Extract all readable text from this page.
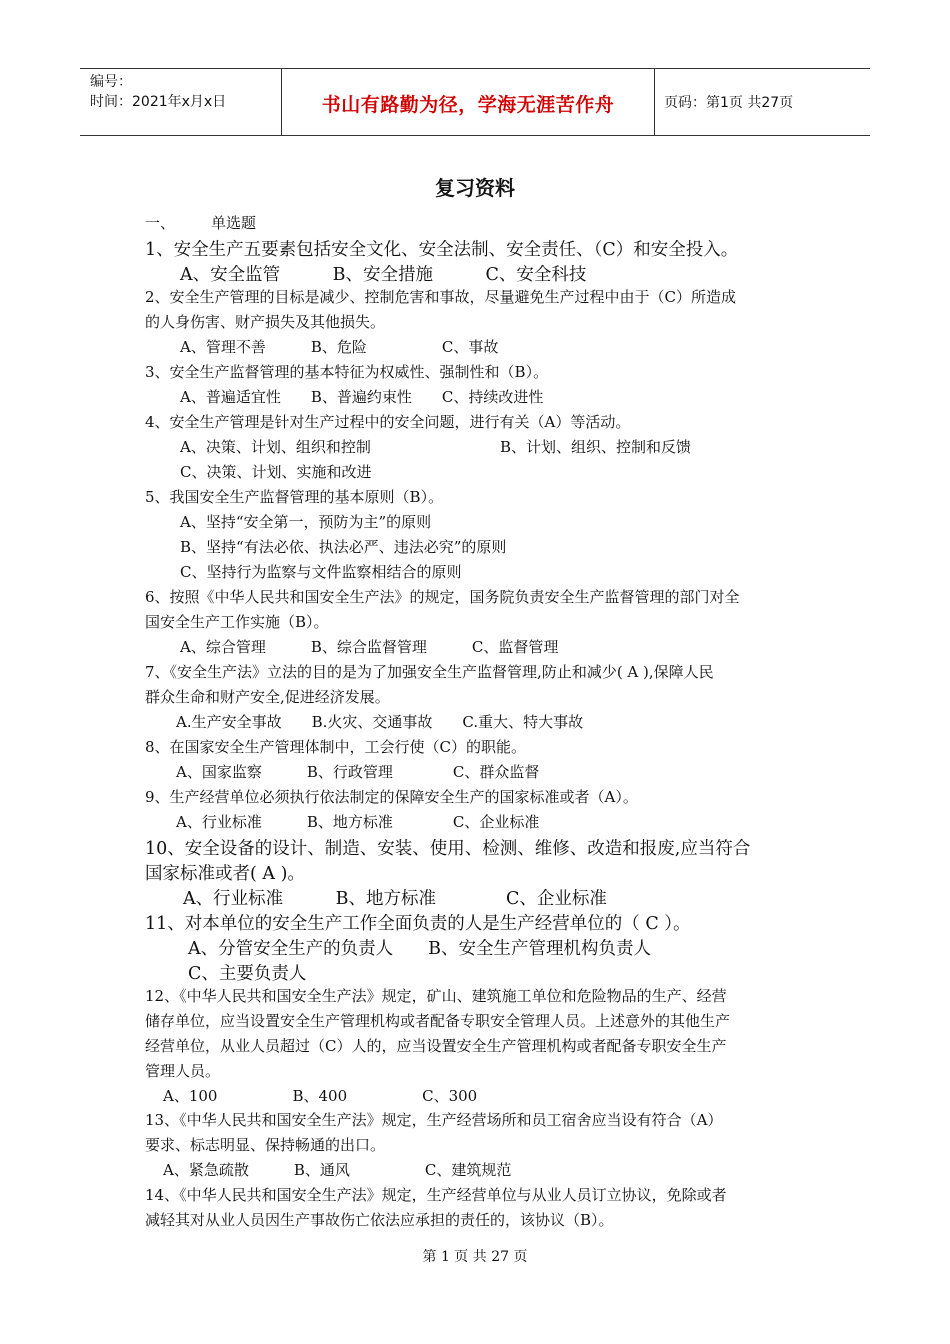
编号：
时间：2021年x月x日	书山有路勤为径，学海无涯苦作舟	页码：第1页 共27页
复习资料
一、 单选题
1、安全生产五要素包括安全文化、安全法制、安全责任、（C）和安全投入。
A、安全监管　　　B、安全措施　　　C、安全科技
2、安全生产管理的目标是减少、控制危害和事故，尽量避免生产过程中由于（C）所造成
的人身伤害、财产损失及其他损失。
A、管理不善　　　B、危险　　　　　C、事故
3、安全生产监督管理的基本特征为权威性、强制性和（B）。
A、普遍适宜性　　B、普遍约束性　　C、持续改进性
4、安全生产管理是针对生产过程中的安全问题，进行有关（A）等活动。
A、决策、计划、组织和控制	B、计划、组织、控制和反馈
C、决策、计划、实施和改进
5、我国安全生产监督管理的基本原则（B）。
A、坚持“安全第一，预防为主”的原则
B、坚持“有法必依、执法必严、违法必究”的原则
C、坚持行为监察与文件监察相结合的原则
6、按照《中华人民共和国安全生产法》的规定，国务院负责安全生产监督管理的部门对全
国安全生产工作实施（B）。
A、综合管理　　　B、综合监督管理　　　C、监督管理
7、《安全生产法》立法的目的是为了加强安全生产监督管理,防止和减少( A ),保障人民
群众生命和财产安全,促进经济发展。
A.生产安全事故　　B.火灾、交通事故　　C.重大、特大事故
8、在国家安全生产管理体制中，工会行使（C）的职能。
A、国家监察　　　B、行政管理　　　　C、群众监督
9、生产经营单位必须执行依法制定的保障安全生产的国家标准或者（A）。
A、行业标准　　　B、地方标准　　　　C、企业标准
10、安全设备的设计、制造、安装、使用、检测、维修、改造和报废,应当符合
国家标准或者( A )。
A、行业标准　　　B、地方标准　　　　C、企业标准
11、对本单位的安全生产工作全面负责的人是生产经营单位的（ C ）。
A、分管安全生产的负责人　　B、安全生产管理机构负责人
C、主要负责人
12、《中华人民共和国安全生产法》规定，矿山、建筑施工单位和危险物品的生产、经营
储存单位，应当设置安全生产管理机构或者配备专职安全管理人员。上述意外的其他生产
经营单位，从业人员超过（C）人的，应当设置安全生产管理机构或者配备专职安全生产
管理人员。
A、100　　　　　B、400　　　　　C、300
13、《中华人民共和国安全生产法》规定，生产经营场所和员工宿舍应当设有符合（A）
要求、标志明显、保持畅通的出口。
A、紧急疏散　　　B、通风　　　　　C、建筑规范
14、《中华人民共和国安全生产法》规定，生产经营单位与从业人员订立协议，免除或者
减轻其对从业人员因生产事故伤亡依法应承担的责任的，该协议（B）。
第 1 页 共 27 页
